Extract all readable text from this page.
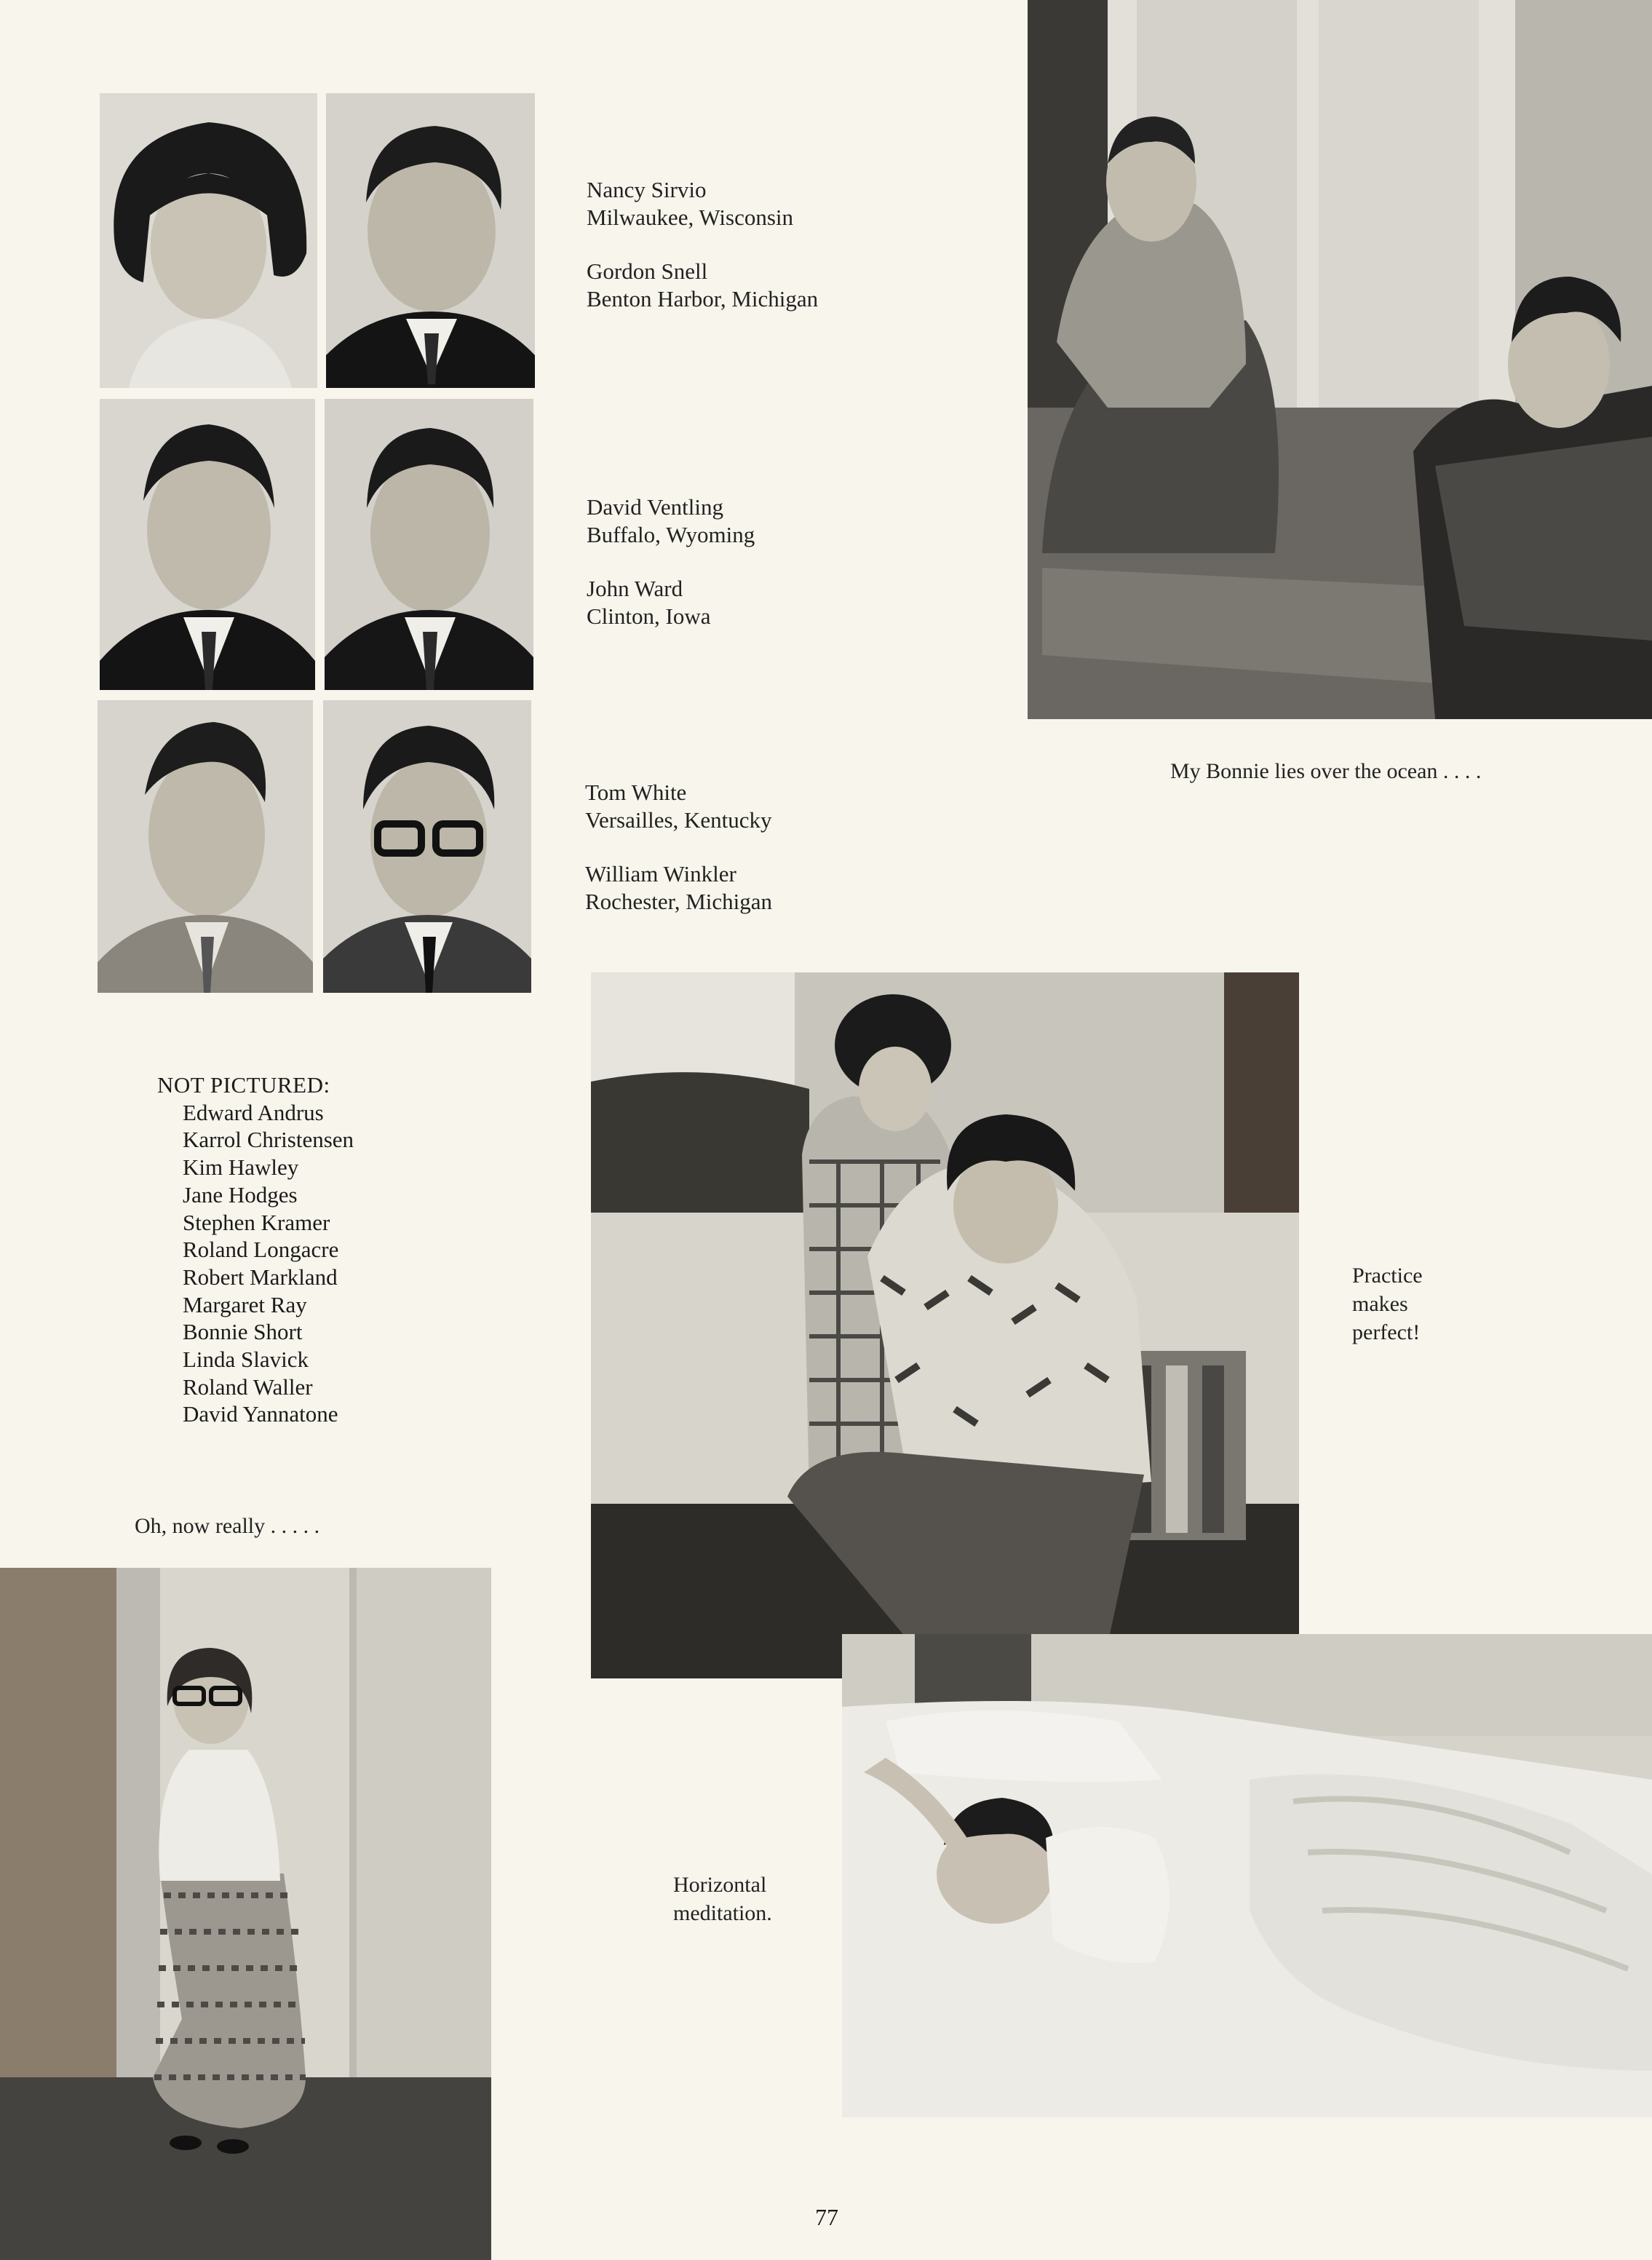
Nancy Sirvio
Milwaukee, Wisconsin
Gordon Snell
Benton Harbor, Michigan
David Ventling
Buffalo, Wyoming
John Ward
Clinton, Iowa
Tom White
Versailles, Kentucky
William Winkler
Rochester, Michigan
NOT PICTURED:
Edward Andrus
Karrol Christensen
Kim Hawley
Jane Hodges
Stephen Kramer
Roland Longacre
Robert Markland
Margaret Ray
Bonnie Short
Linda Slavick
Roland Waller
David Yannatone
My Bonnie lies over the ocean . . . .
Practice
makes
perfect!
Oh, now really . . . . .
Horizontal
meditation.
77
